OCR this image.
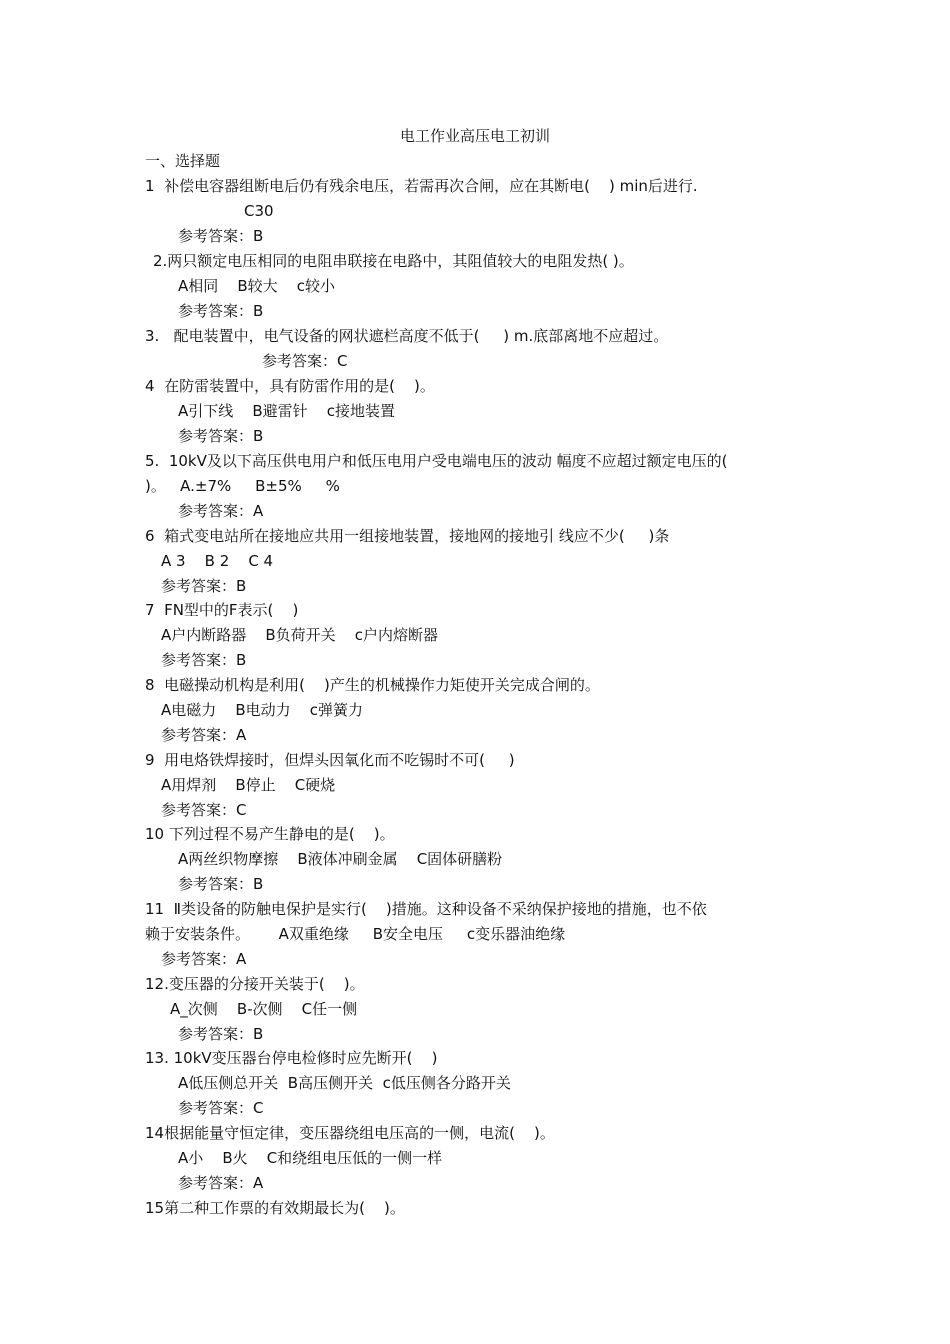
电工作业高压电工初训
一、选择题
1  补偿电容器组断电后仍有残余电压，若需再次合闸，应在其断电(    ) min后进行.
C30
参考答案：B
2.两只额定电压相同的电阻串联接在电路中，其阻值较大的电阻发热( )。
A相同    B较大    c较小
参考答案：B
3.   配电装置中，电气设备的网状遮栏高度不低于(     ) m.底部离地不应超过。
参考答案：C
4  在防雷装置中，具有防雷作用的是(    )。
A引下线    B避雷针    c接地装置
参考答案：B
5.  10kV及以下高压供电用户和低压电用户受电端电压的波动 幅度不应超过额定电压的(
)。   A.±7%     B±5%     %
参考答案：A
6  箱式变电站所在接地应共用一组接地装置，接地网的接地引 线应不少(     )条
A 3    B 2    C 4
参考答案：B
7  FN型中的F表示(    )
A户内断路器    B负荷开关    c户内熔断器
参考答案：B
8  电磁操动机构是利用(    )产生的机械操作力矩使开关完成合闸的。
A电磁力    B电动力    c弹簧力
参考答案：A
9  用电烙铁焊接时，但焊头因氧化而不吃锡时不可(     )
A用焊剂    B停止    C硬烧
参考答案：C
10 下列过程不易产生静电的是(    )。
A两丝织物摩擦    B液体冲刷金属    C固体研膳粉
参考答案：B
11  Ⅱ类设备的防触电保护是实行(    )措施。这种设备不采纳保护接地的措施，也不依
赖于安装条件。      A双重绝缘     B安全电压     c变乐器油绝缘
参考答案：A
12.变压器的分接开关装于(    )。
A_次侧    B-次侧    C任一侧
参考答案：B
13. 10kV变压器台停电检修时应先断开(    )
A低压侧总开关  B高压侧开关  c低压侧各分路开关
参考答案：C
14根据能量守恒定律，变压器绕组电压高的一侧，电流(    )。
A小    B火    C和绕组电压低的一侧一样
参考答案：A
15第二种工作票的有效期最长为(    )。
